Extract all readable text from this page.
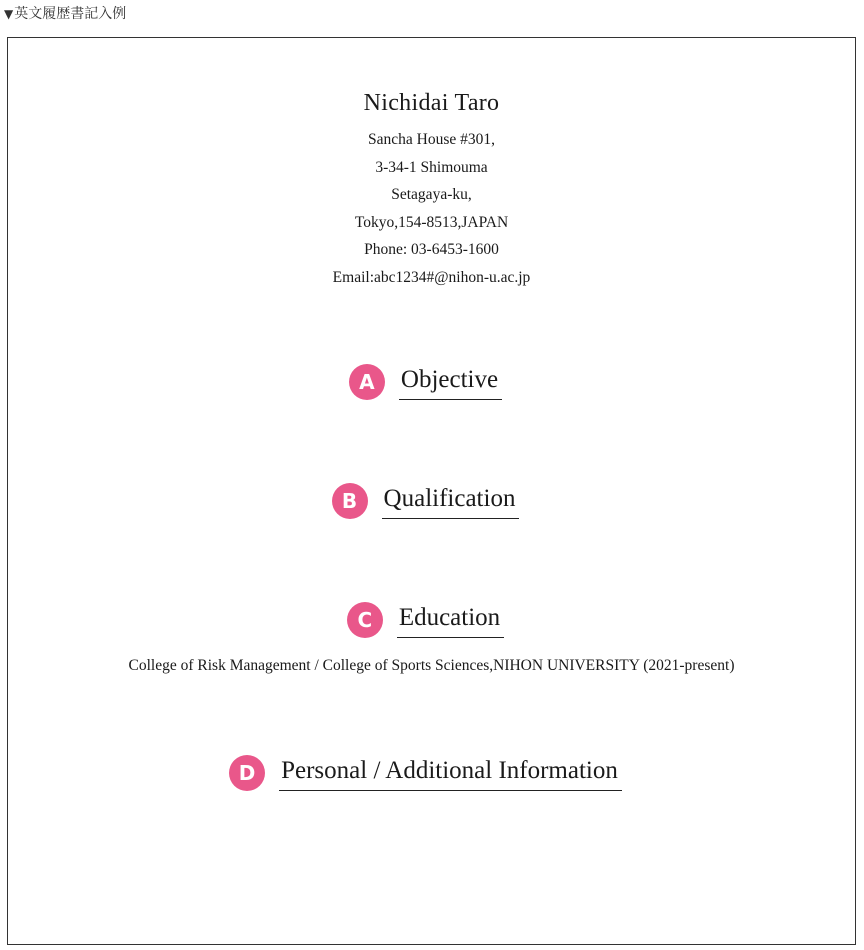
▼英文履歴書記入例
Nichidai Taro
Sancha House #301,
3-34-1 Shimouma
Setagaya-ku,
Tokyo,154-8513,JAPAN
Phone: 03-6453-1600
Email:abc1234#@nihon-u.ac.jp
A	Objective
B	Qualification
C	Education
College of Risk Management / College of Sports Sciences,NIHON UNIVERSITY (2021-present)
D	Personal / Additional Information
